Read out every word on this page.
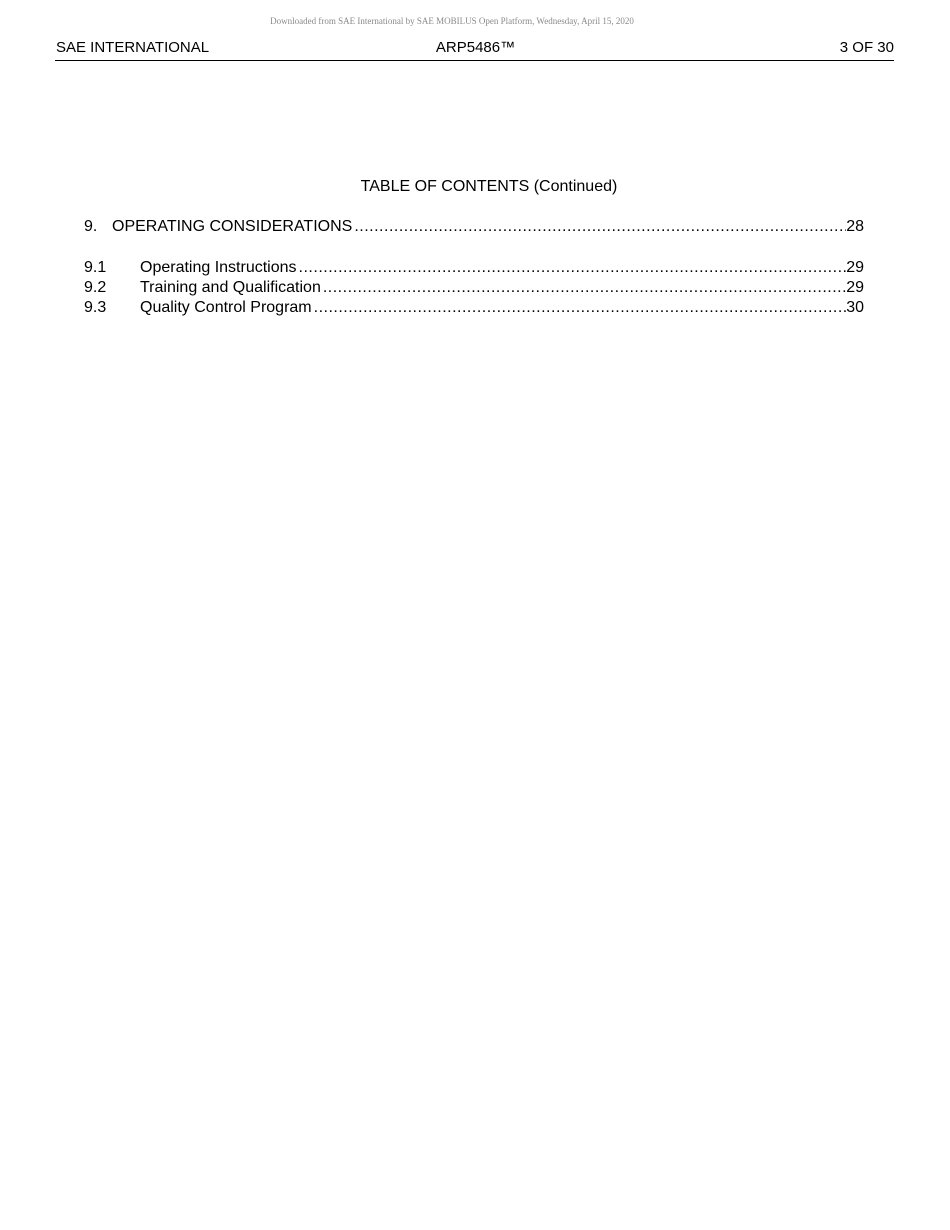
Downloaded from SAE International by SAE MOBILUS Open Platform, Wednesday, April 15, 2020
SAE INTERNATIONAL	ARP5486™	3 OF 30
TABLE OF CONTENTS (Continued)
9. OPERATING CONSIDERATIONS .....	28
9.1 Operating Instructions .....	29
9.2 Training and Qualification .....	29
9.3 Quality Control Program .....	30
